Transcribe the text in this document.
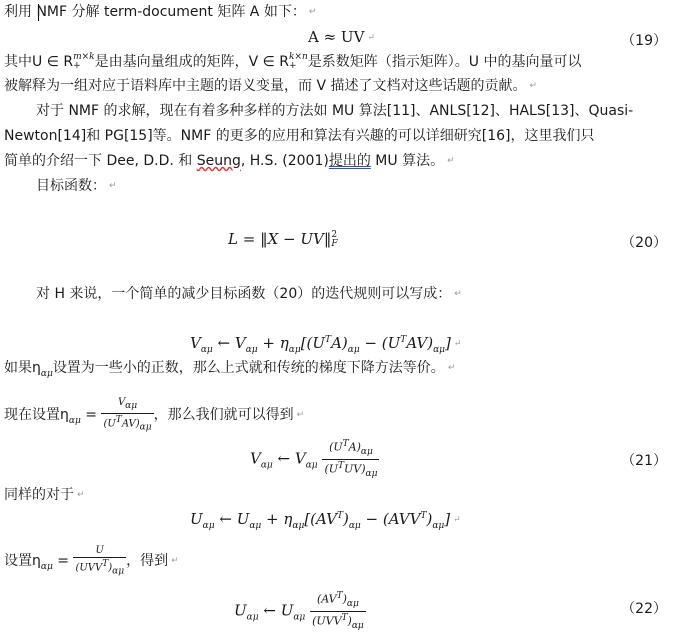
利用 NMF 分解 term-document 矩阵 A 如下： ↵
A ≈ UV ↵	（19）
其中U ∈ R m×k
+ 是由基向量组成的矩阵，V ∈ R k×n
+ 是系数矩阵（指示矩阵）。U 中的基向量可以
被解释为一组对应于语料库中主题的语义变量，而 V 描述了文档对这些话题的贡献。 ↵
对于 NMF 的求解，现在有着多种多样的方法如 MU 算法[11]、ANLS[12]、HALS[13]、Quasi-
Newton[14]和 PG[15]等。NMF 的更多的应用和算法有兴趣的可以详细研究[16]，这里我们只
简单的介绍一下 Dee, D.D. 和 Seung, H.S. (2001)提出的 MU 算法。 ↵
目标函数： ↵
L = ‖X − UV‖ 2
F	（20）
对 H 来说，一个简单的减少目标函数（20）的迭代规则可以写成： ↵
$V_{\alpha\mu}$ ← $V_{\alpha\mu} + \eta_{\alpha\mu}[(U^TA)_{\alpha\mu} - (U^TAV)_{\alpha\mu}]$ ↵
如果$\eta_{\alpha\mu}$设置为一些小的正数，那么上式就和传统的梯度下降方法等价。 ↵
现在设置$\eta_{\alpha\mu} = \frac{V_{\alpha\mu}}{(U^TAV)_{\alpha\mu}}$ ，那么我们就可以得到 ↵
$V_{\alpha\mu}$ ← $V_{\alpha\mu} \frac{(U^TA)_{\alpha\mu}}{(U^TUV)_{\alpha\mu}}$	（21）
同样的对于 ↵
$U_{\alpha\mu}$ ← $U_{\alpha\mu} + \eta_{\alpha\mu}[(AV^T)_{\alpha\mu} - (AVV^T)_{\alpha\mu}]$ ↵
设置$\eta_{\alpha\mu} = \frac{U}{(UVV^T)_{\alpha\mu}}$ ，得到 ↵
$U_{\alpha\mu}$ ← $U_{\alpha\mu} \frac{(AV^T)_{\alpha\mu}}{(UVV^T)_{\alpha\mu}}$	（22）
